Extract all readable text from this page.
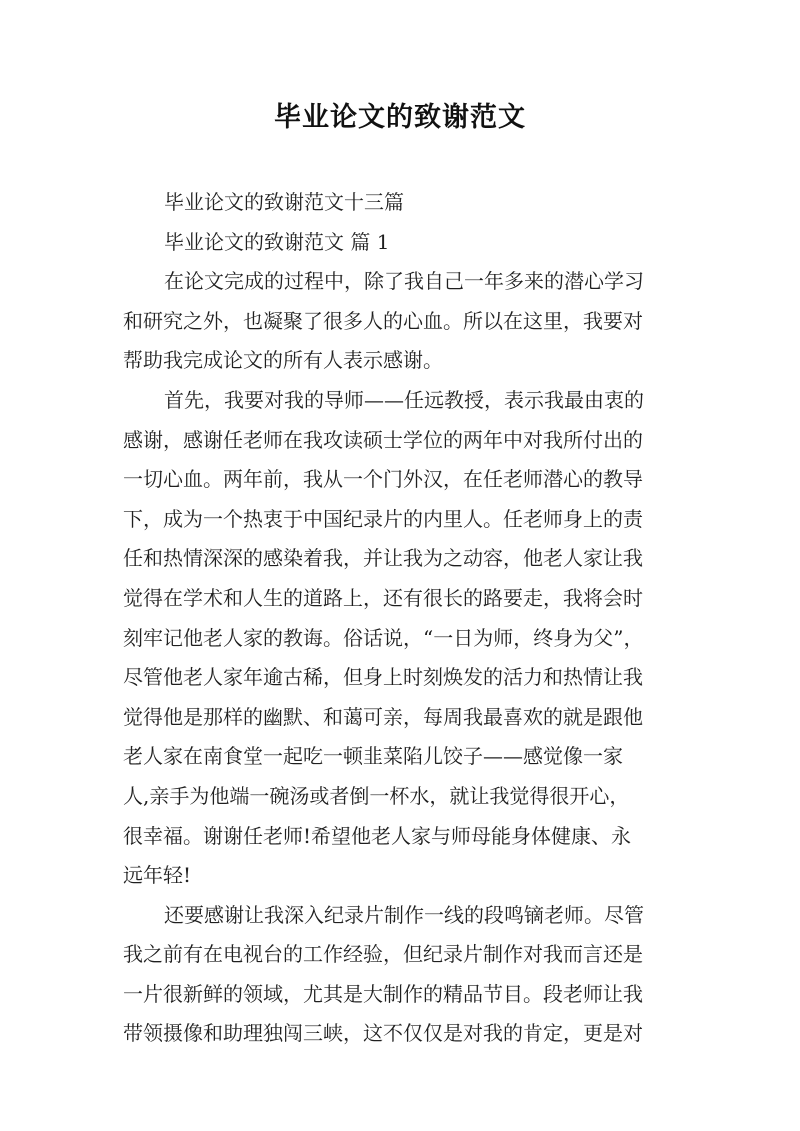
毕业论文的致谢范文
毕业论文的致谢范文十三篇
毕业论文的致谢范文 篇 1
在论文完成的过程中，除了我自己一年多来的潜心学习
和研究之外，也凝聚了很多人的心血。所以在这里，我要对
帮助我完成论文的所有人表示感谢。
首先，我要对我的导师——任远教授，表示我最由衷的
感谢，感谢任老师在我攻读硕士学位的两年中对我所付出的
一切心血。两年前，我从一个门外汉，在任老师潜心的教导
下，成为一个热衷于中国纪录片的内里人。任老师身上的责
任和热情深深的感染着我，并让我为之动容，他老人家让我
觉得在学术和人生的道路上，还有很长的路要走，我将会时
刻牢记他老人家的教诲。俗话说，“一日为师，终身为父”，
尽管他老人家年逾古稀，但身上时刻焕发的活力和热情让我
觉得他是那样的幽默、和蔼可亲，每周我最喜欢的就是跟他
老人家在南食堂一起吃一顿韭菜陷儿饺子——感觉像一家
人,亲手为他端一碗汤或者倒一杯水，就让我觉得很开心，
很幸福。谢谢任老师!希望他老人家与师母能身体健康、永
远年轻!
还要感谢让我深入纪录片制作一线的段鸣镝老师。尽管
我之前有在电视台的工作经验，但纪录片制作对我而言还是
一片很新鲜的领域，尤其是大制作的精品节目。段老师让我
带领摄像和助理独闯三峡，这不仅仅是对我的肯定，更是对
